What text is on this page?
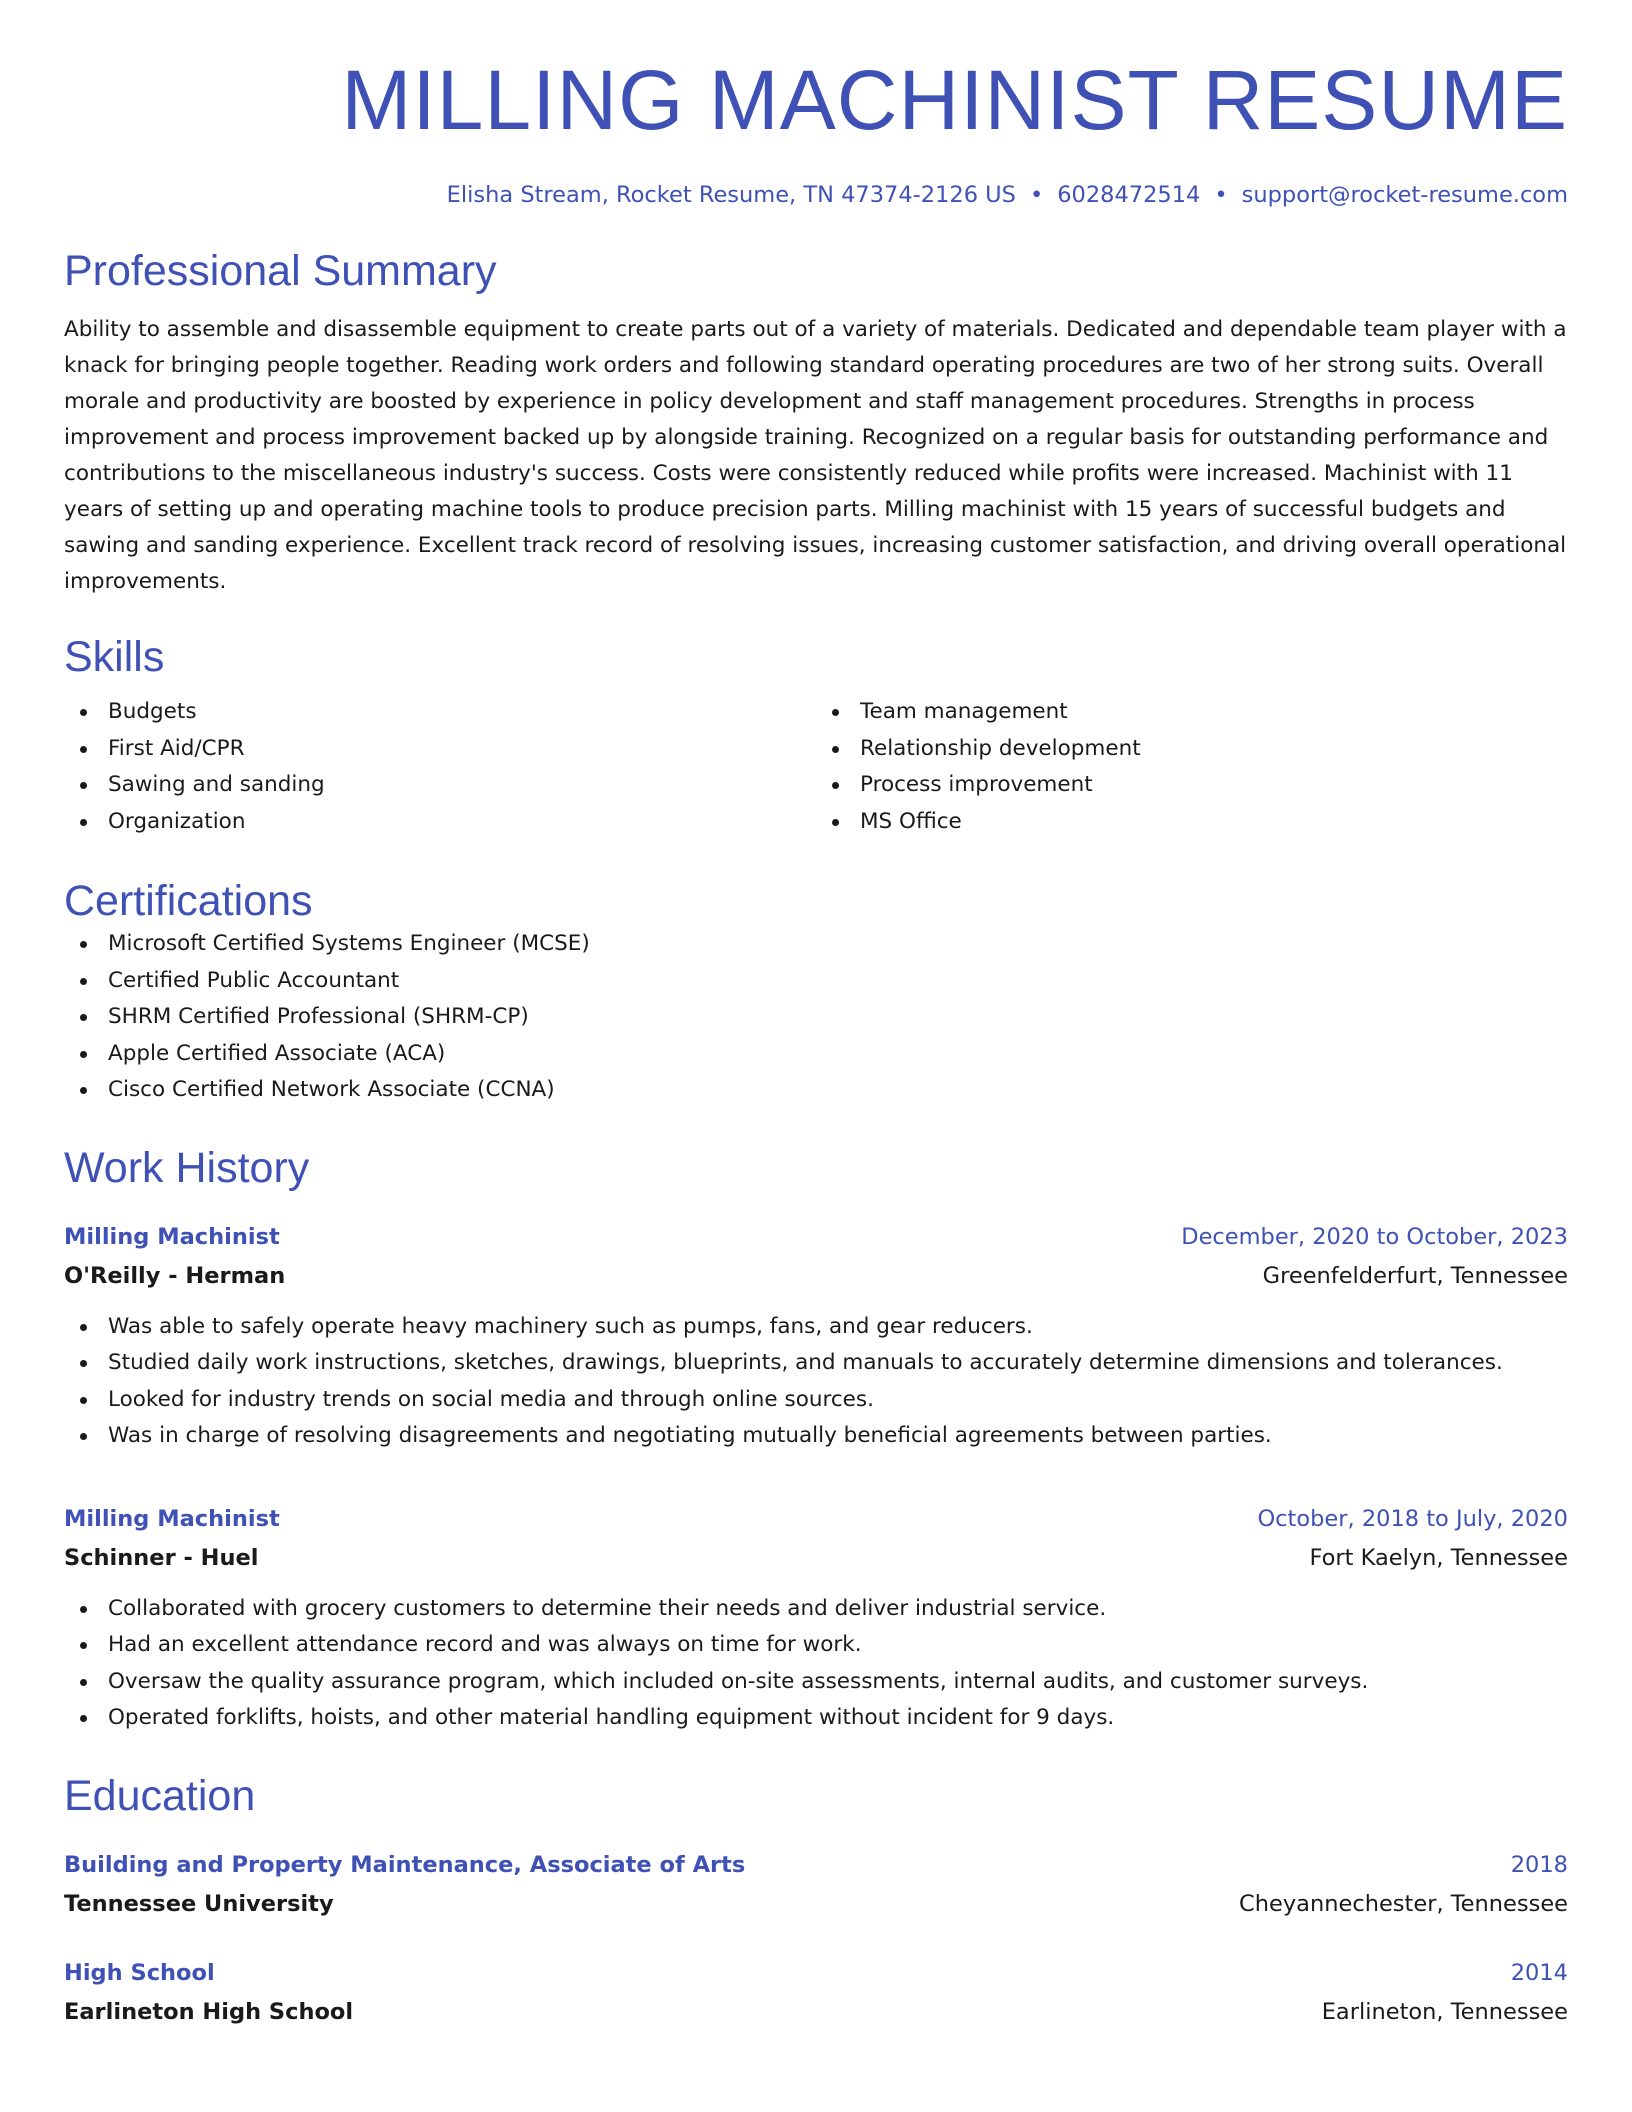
MILLING MACHINIST RESUME
Elisha Stream, Rocket Resume, TN 47374-2126 US • 6028472514 • support@rocket-resume.com
Professional Summary

Ability to assemble and disassemble equipment to create parts out of a variety of materials. Dedicated and dependable team player with a knack for bringing people together. Reading work orders and following standard operating procedures are two of her strong suits. Overall morale and productivity are boosted by experience in policy development and staff management procedures. Strengths in process improvement and process improvement backed up by alongside training. Recognized on a regular basis for outstanding performance and contributions to the miscellaneous industry's success. Costs were consistently reduced while profits were increased. Machinist with 11 years of setting up and operating machine tools to produce precision parts. Milling machinist with 15 years of successful budgets and sawing and sanding experience. Excellent track record of resolving issues, increasing customer satisfaction, and driving overall operational improvements.

Skills
Budgets
First Aid/CPR
Sawing and sanding
Organization
Team management
Relationship development
Process improvement
MS Office
Certifications
Microsoft Certified Systems Engineer (MCSE)
Certified Public Accountant
SHRM Certified Professional (SHRM-CP)
Apple Certified Associate (ACA)
Cisco Certified Network Associate (CCNA)
Work History
Milling Machinist	December, 2020 to October, 2023
O'Reilly - Herman	Greenfelderfurt, Tennessee
Was able to safely operate heavy machinery such as pumps, fans, and gear reducers.
Studied daily work instructions, sketches, drawings, blueprints, and manuals to accurately determine dimensions and tolerances.
Looked for industry trends on social media and through online sources.
Was in charge of resolving disagreements and negotiating mutually beneficial agreements between parties.
Milling Machinist	October, 2018 to July, 2020
Schinner - Huel	Fort Kaelyn, Tennessee
Collaborated with grocery customers to determine their needs and deliver industrial service.
Had an excellent attendance record and was always on time for work.
Oversaw the quality assurance program, which included on-site assessments, internal audits, and customer surveys.
Operated forklifts, hoists, and other material handling equipment without incident for 9 days.
Education
Building and Property Maintenance, Associate of Arts	2018
Tennessee University	Cheyannechester, Tennessee
High School	2014
Earlineton High School	Earlineton, Tennessee
